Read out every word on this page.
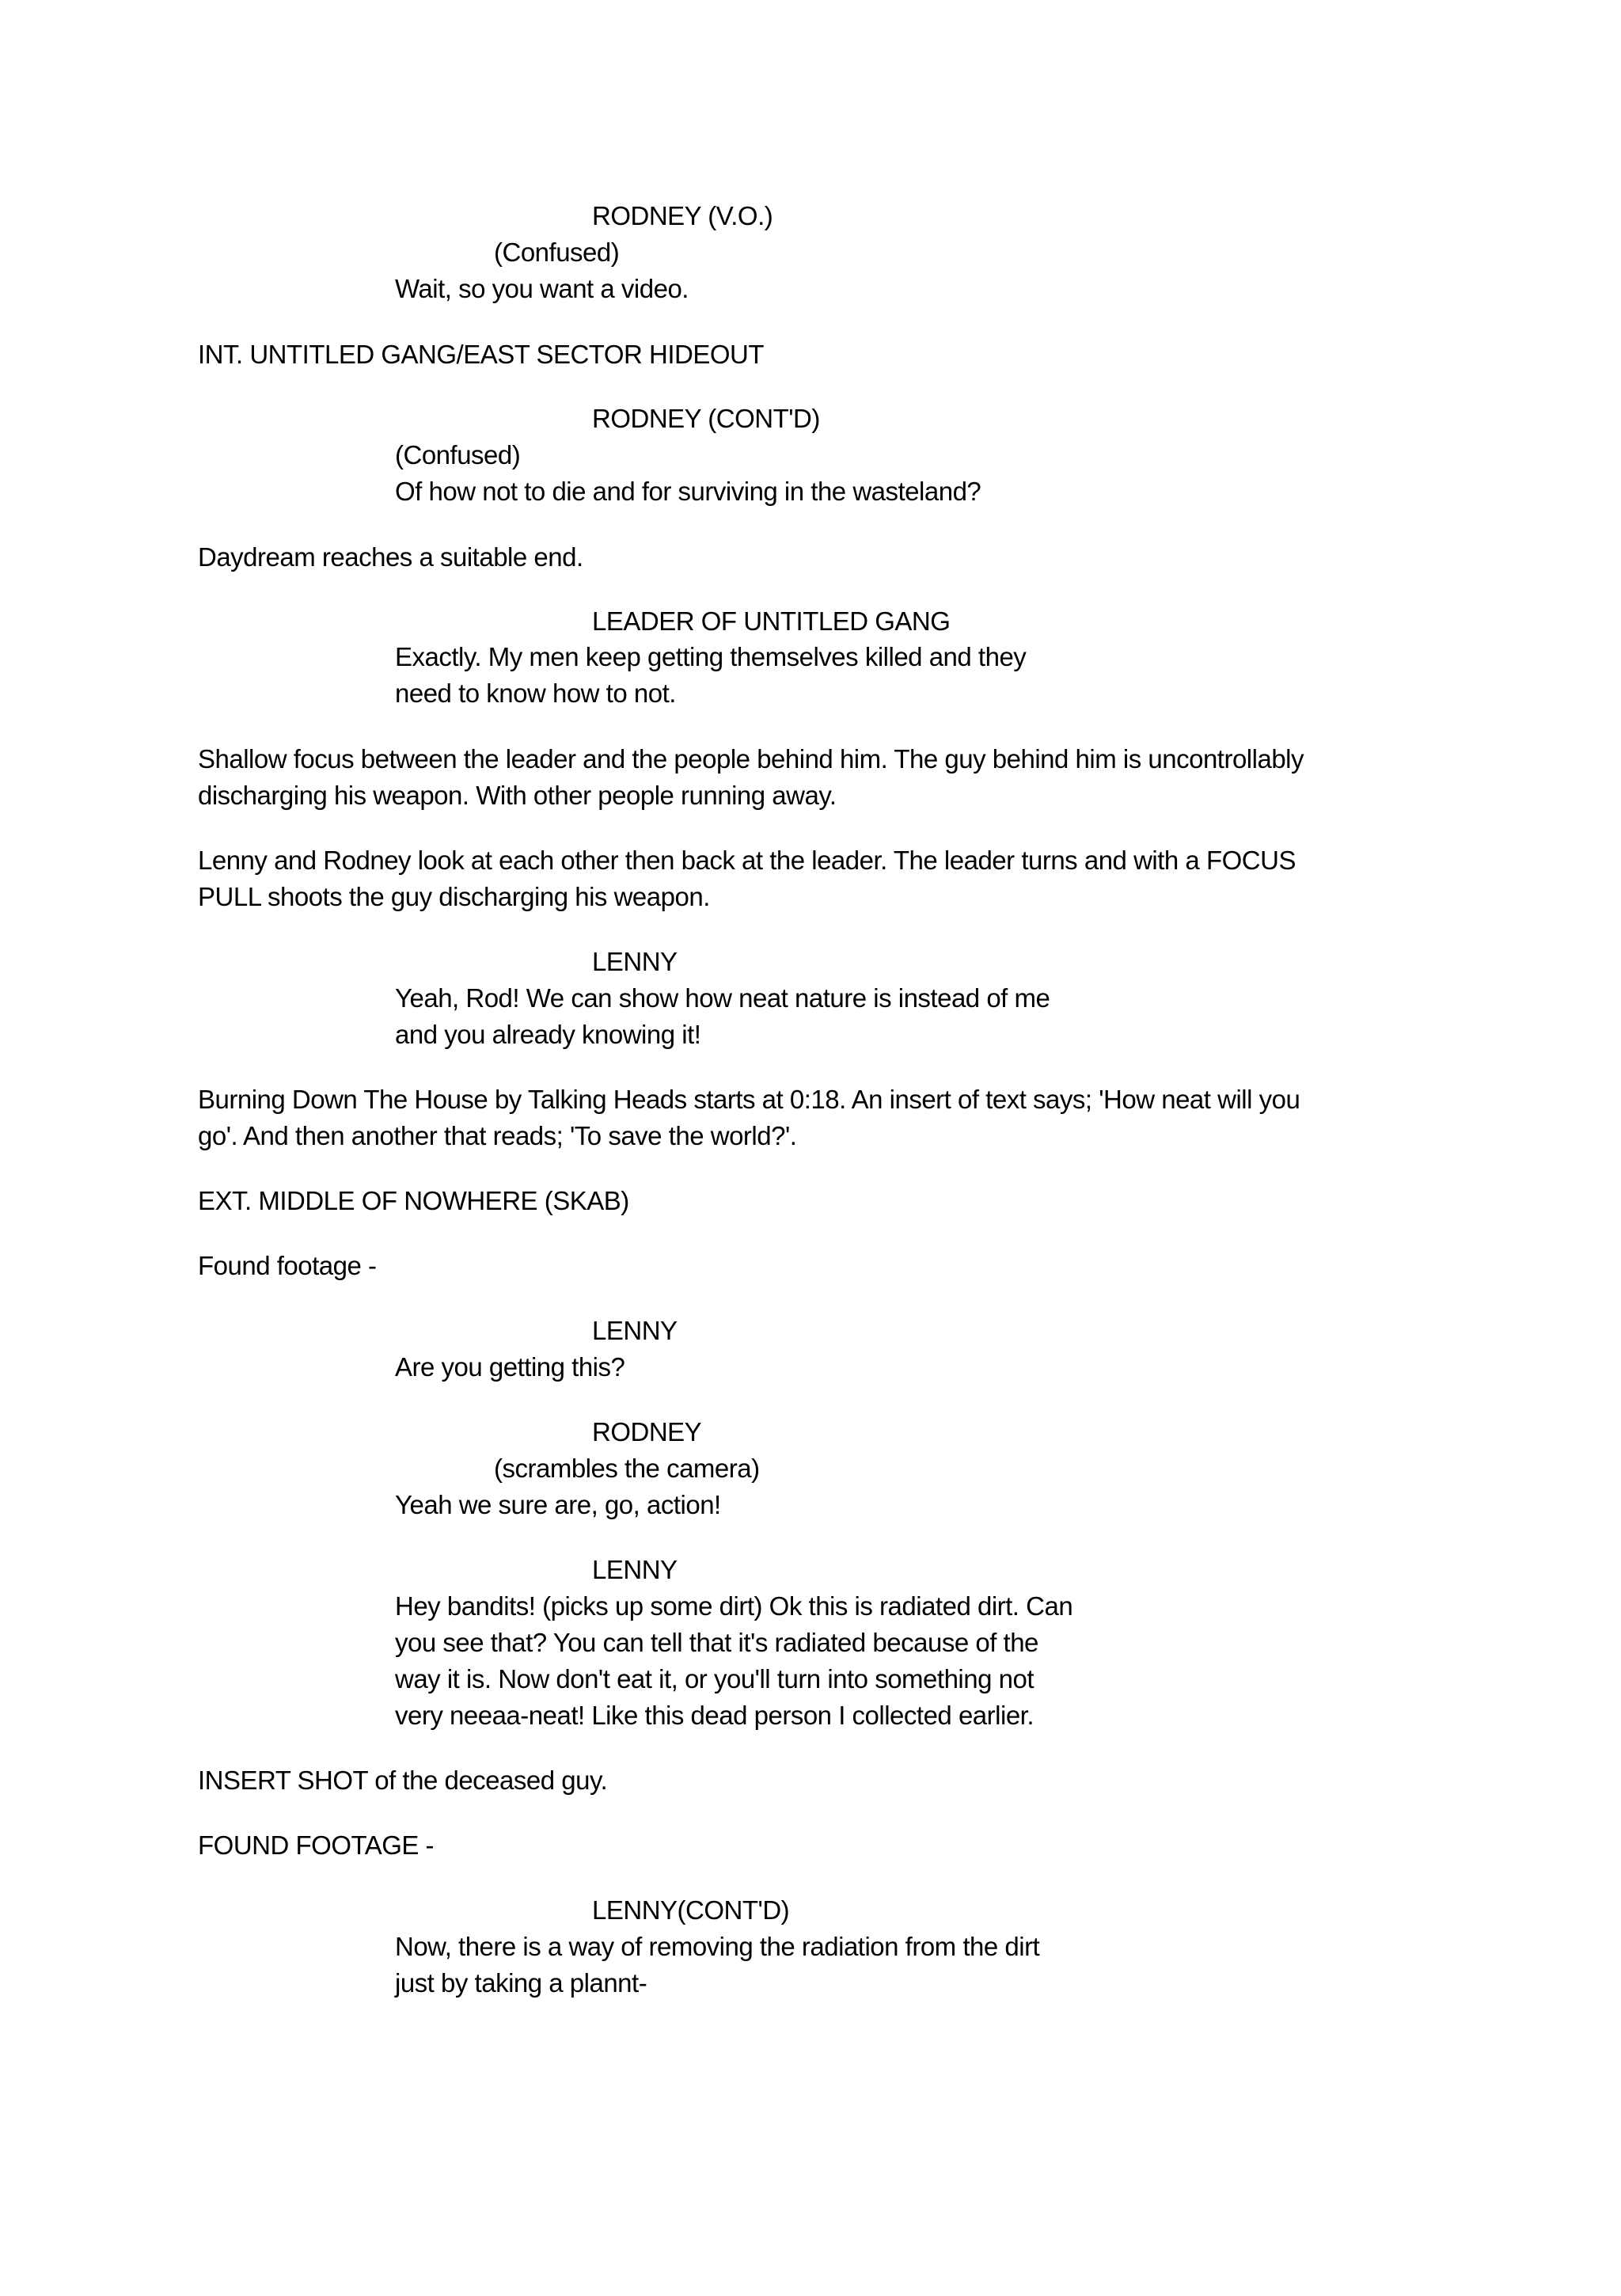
RODNEY (V.O.)
(Confused)
Wait, so you want a video.
INT. UNTITLED GANG/EAST SECTOR HIDEOUT
RODNEY (CONT'D)
(Confused)
Of how not to die and for surviving in the wasteland?
Daydream reaches a suitable end.
LEADER OF UNTITLED GANG
Exactly. My men keep getting themselves killed and they
need to know how to not.
Shallow focus between the leader and the people behind him. The guy behind him is uncontrollably
discharging his weapon. With other people running away.
Lenny and Rodney look at each other then back at the leader. The leader turns and with a FOCUS
PULL shoots the guy discharging his weapon.
LENNY
Yeah, Rod! We can show how neat nature is instead of me
and you already knowing it!
Burning Down The House by Talking Heads starts at 0:18. An insert of text says; 'How neat will you
go'. And then another that reads; 'To save the world?'.
EXT. MIDDLE OF NOWHERE (SKAB)
Found footage -
LENNY
Are you getting this?
RODNEY
(scrambles the camera)
Yeah we sure are, go, action!
LENNY
Hey bandits! (picks up some dirt) Ok this is radiated dirt. Can
you see that? You can tell that it's radiated because of the
way it is. Now don't eat it, or you'll turn into something not
very neeaa-neat! Like this dead person I collected earlier.
INSERT SHOT of the deceased guy.
FOUND FOOTAGE -
LENNY(CONT'D)
Now, there is a way of removing the radiation from the dirt
just by taking a plannt-
